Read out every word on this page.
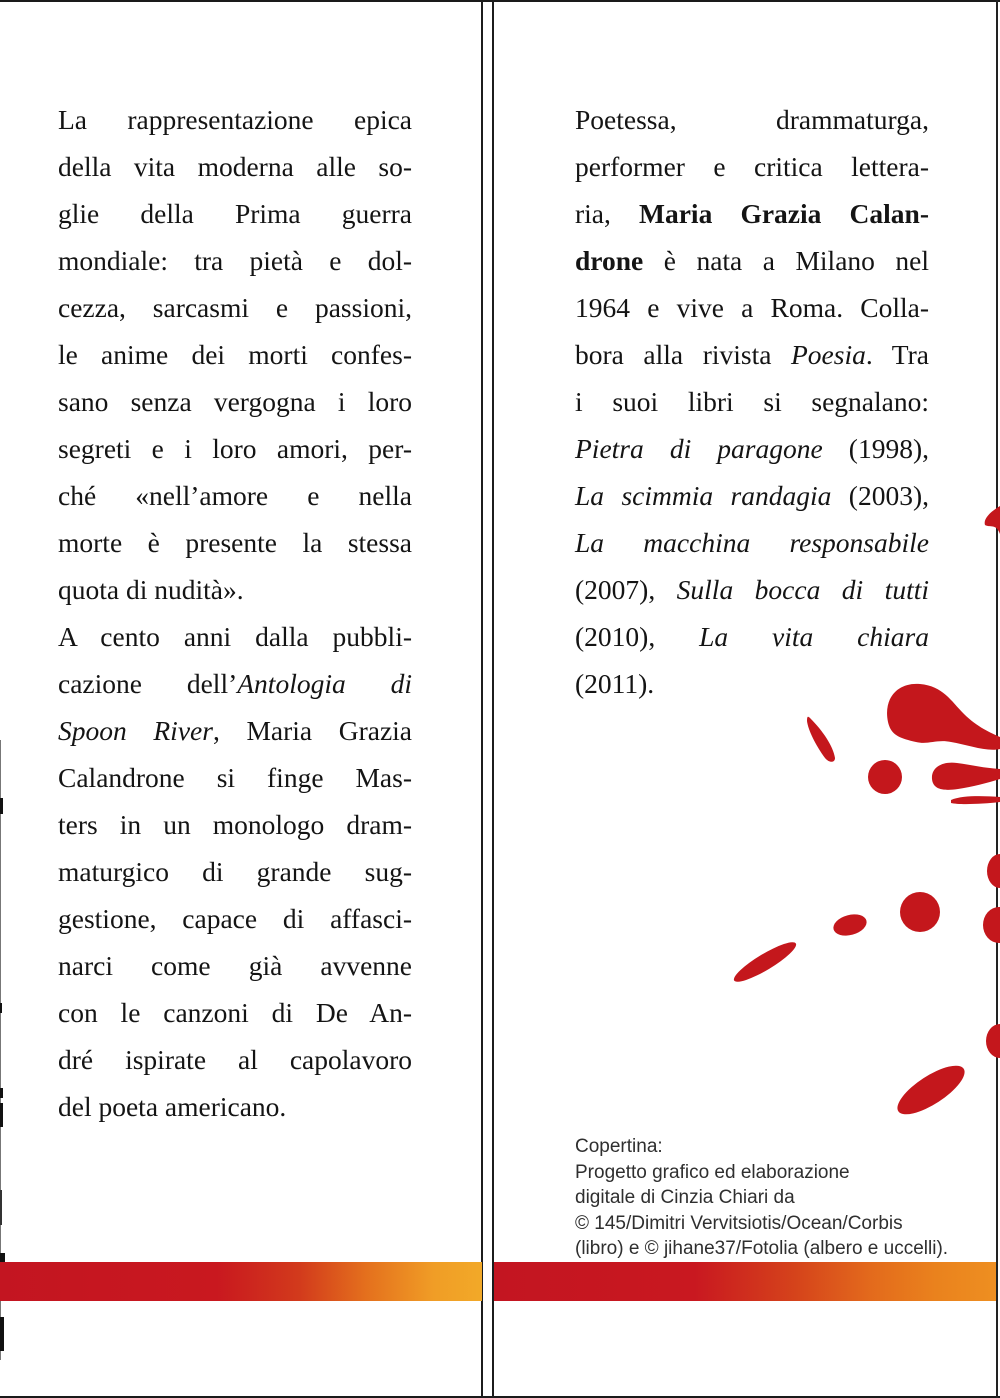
La rappresentazione epica
della vita moderna alle so-
glie della Prima guerra
mondiale: tra pietà e dol-
cezza, sarcasmi e passioni,
le anime dei morti confes-
sano senza vergogna i loro
segreti e i loro amori, per-
ché «nell’amore e nella
morte è presente la stessa
quota di nudità».
A cento anni dalla pubbli-
cazione dell’Antologia di
Spoon River, Maria Grazia
Calandrone si finge Mas-
ters in un monologo dram-
maturgico di grande sug-
gestione, capace di affasci-
narci come già avvenne
con le canzoni di De An-
dré ispirate al capolavoro
del poeta americano.
Poetessa, drammaturga,
performer e critica lettera-
ria, Maria Grazia Calan-
drone è nata a Milano nel
1964 e vive a Roma. Colla-
bora alla rivista Poesia. Tra
i suoi libri si segnalano:
Pietra di paragone (1998),
La scimmia randagia (2003),
La macchina responsabile
(2007), Sulla bocca di tutti
(2010), La vita chiara
(2011).
Copertina:
Progetto grafico ed elaborazione
digitale di Cinzia Chiari da
© 145/Dimitri Vervitsiotis/Ocean/Corbis
(libro) e © jihane37/Fotolia (albero e uccelli).
